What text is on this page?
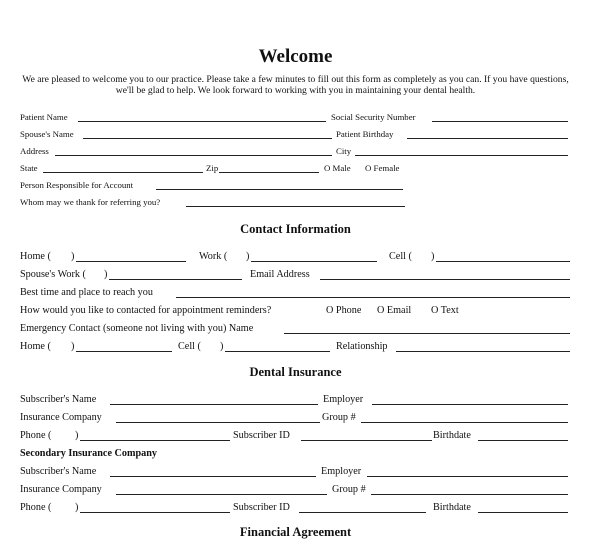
Welcome
We are pleased to welcome you to our practice. Please take a few minutes to fill out this form as completely as you can. If you have questions, we'll be glad to help. We look forward to working with you in maintaining your dental health.
Patient Name	Social Security Number
Spouse's Name	Patient Birthday
Address	City
State	Zip	O Male O Female
Person Responsible for Account
Whom may we thank for referring you?
Contact Information
Home ( )	Work ( )	Cell ( )
Spouse's Work ( )	Email Address
Best time and place to reach you
How would you like to contacted for appointment reminders?	O Phone O Email O Text
Emergency Contact (someone not living with you) Name
Home ( )	Cell ( )	Relationship
Dental Insurance
Subscriber's Name	Employer
Insurance Company	Group #
Phone ( )	Subscriber ID	Birthdate
Secondary Insurance Company
Subscriber's Name	Employer
Insurance Company	Group #
Phone ( )	Subscriber ID	Birthdate
Financial Agreement
